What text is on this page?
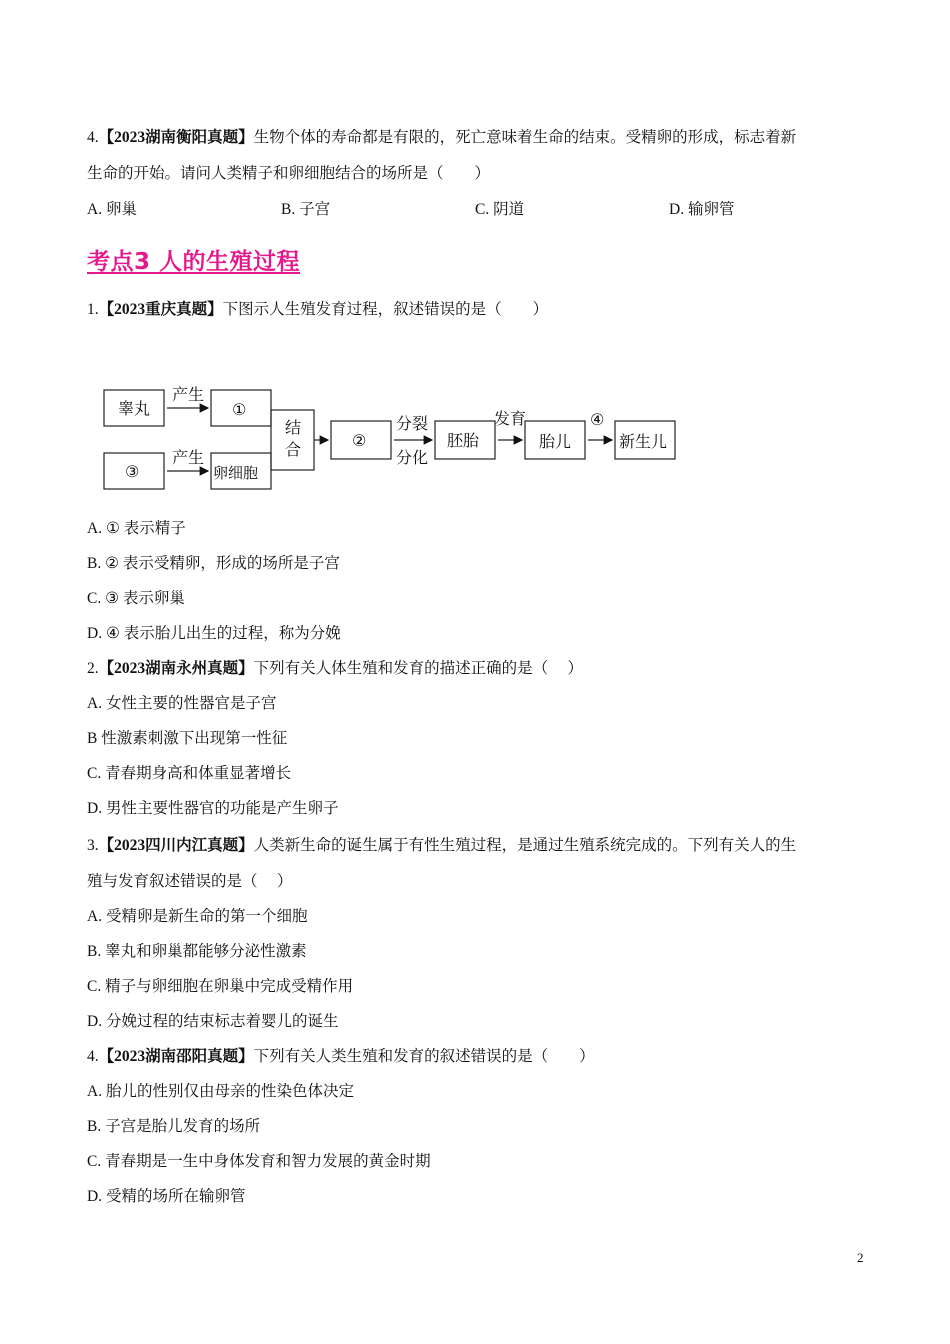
4.【2023湖南衡阳真题】生物个体的寿命都是有限的，死亡意味着生命的结束。受精卵的形成，标志着新
生命的开始。请问人类精子和卵细胞结合的场所是（　　）
A. 卵巢	B. 子宫	C. 阴道	D. 输卵管
考点3 人的生殖过程
1.【2023重庆真题】下图示人生殖发育过程，叙述错误的是（　　）
睾丸
产生
①
③
产生
卵细胞
结
合	②
分裂
分化
胚胎
发育
胎儿
④
新生儿
A. ① 表示精子
B. ② 表示受精卵，形成的场所是子宫
C. ③ 表示卵巢
D. ④ 表示胎儿出生的过程，称为分娩
2.【2023湖南永州真题】下列有关人体生殖和发育的描述正确的是（　 ）
A. 女性主要的性器官是子宫
B 性激素刺激下出现第一性征
C. 青春期身高和体重显著增长
D. 男性主要性器官的功能是产生卵子
3.【2023四川内江真题】人类新生命的诞生属于有性生殖过程，是通过生殖系统完成的。下列有关人的生
殖与发育叙述错误的是（　 ）
A. 受精卵是新生命的第一个细胞
B. 睾丸和卵巢都能够分泌性激素
C. 精子与卵细胞在卵巢中完成受精作用
D. 分娩过程的结束标志着婴儿的诞生
4.【2023湖南邵阳真题】下列有关人类生殖和发育的叙述错误的是（　　）
A. 胎儿的性别仅由母亲的性染色体决定
B. 子宫是胎儿发育的场所
C. 青春期是一生中身体发育和智力发展的黄金时期
D. 受精的场所在输卵管
2
